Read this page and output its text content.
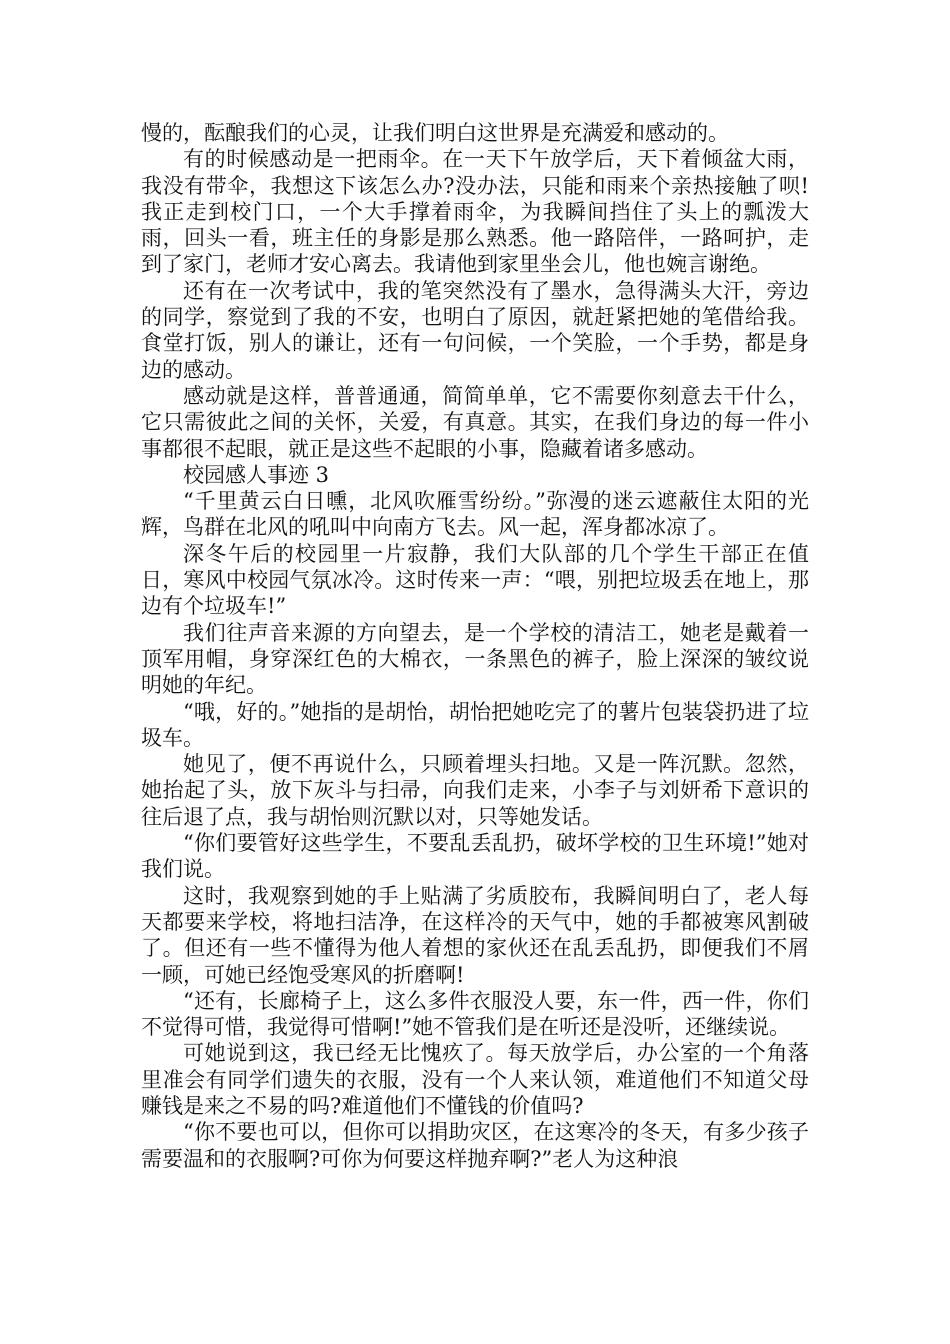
慢的，酝酿我们的心灵，让我们明白这世界是充满爱和感动的。

有的时候感动是一把雨伞。在一天下午放学后，天下着倾盆大雨，我没有带伞，我想这下该怎么办?没办法，只能和雨来个亲热接触了呗!我正走到校门口，一个大手撑着雨伞，为我瞬间挡住了头上的瓢泼大雨，回头一看，班主任的身影是那么熟悉。他一路陪伴，一路呵护，走到了家门，老师才安心离去。我请他到家里坐会儿，他也婉言谢绝。

还有在一次考试中，我的笔突然没有了墨水，急得满头大汗，旁边的同学，察觉到了我的不安，也明白了原因，就赶紧把她的笔借给我。食堂打饭，别人的谦让，还有一句问候，一个笑脸，一个手势，都是身边的感动。

感动就是这样，普普通通，简简单单，它不需要你刻意去干什么，它只需彼此之间的关怀，关爱，有真意。其实，在我们身边的每一件小事都很不起眼，就正是这些不起眼的小事，隐藏着诸多感动。

校园感人事迹 3

“千里黄云白日曛，北风吹雁雪纷纷。”弥漫的迷云遮蔽住太阳的光辉，鸟群在北风的吼叫中向南方飞去。风一起，浑身都冰凉了。

深冬午后的校园里一片寂静，我们大队部的几个学生干部正在值日，寒风中校园气氛冰冷。这时传来一声：“喂，别把垃圾丢在地上，那边有个垃圾车!”

我们往声音来源的方向望去，是一个学校的清洁工，她老是戴着一顶军用帽，身穿深红色的大棉衣，一条黑色的裤子，脸上深深的皱纹说明她的年纪。

“哦，好的。”她指的是胡怡，胡怡把她吃完了的薯片包装袋扔进了垃圾车。

她见了，便不再说什么，只顾着埋头扫地。又是一阵沉默。忽然，她抬起了头，放下灰斗与扫帚，向我们走来，小李子与刘妍希下意识的往后退了点，我与胡怡则沉默以对，只等她发话。

“你们要管好这些学生，不要乱丢乱扔，破坏学校的卫生环境!”她对我们说。

这时，我观察到她的手上贴满了劣质胶布，我瞬间明白了，老人每天都要来学校，将地扫洁净，在这样冷的天气中，她的手都被寒风割破了。但还有一些不懂得为他人着想的家伙还在乱丢乱扔，即便我们不屑一顾，可她已经饱受寒风的折磨啊!

“还有，长廊椅子上，这么多件衣服没人要，东一件，西一件，你们不觉得可惜，我觉得可惜啊!”她不管我们是在听还是没听，还继续说。

可她说到这，我已经无比愧疚了。每天放学后，办公室的一个角落里准会有同学们遗失的衣服，没有一个人来认领，难道他们不知道父母赚钱是来之不易的吗?难道他们不懂钱的价值吗?

“你不要也可以，但你可以捐助灾区，在这寒冷的冬天，有多少孩子需要温和的衣服啊?可你为何要这样抛弃啊?”老人为这种浪
